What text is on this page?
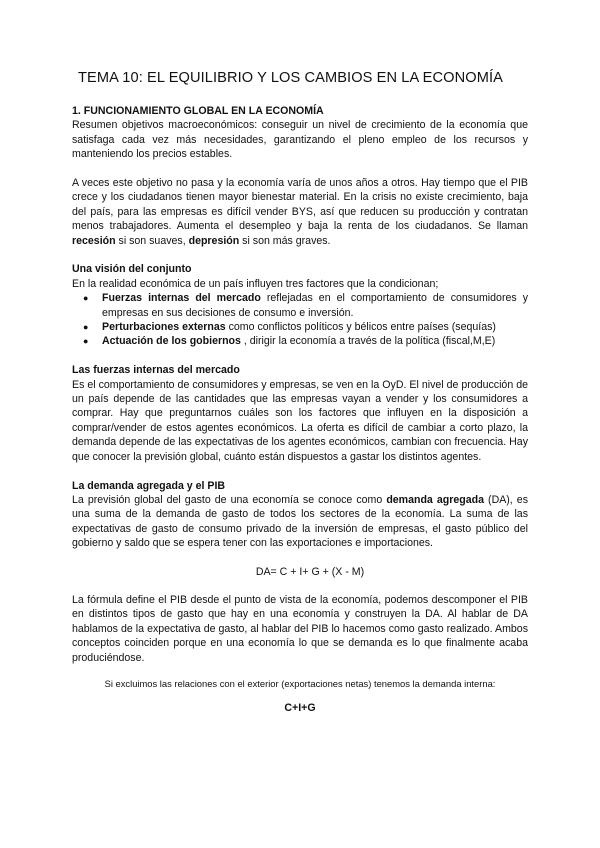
TEMA 10: EL EQUILIBRIO Y LOS CAMBIOS EN LA ECONOMÍA

1. FUNCIONAMIENTO GLOBAL EN LA ECONOMÍA

Resumen objetivos macroeconómicos: conseguir un nivel de crecimiento de la economía que satisfaga cada vez más necesidades, garantizando el pleno empleo de los recursos y manteniendo los precios estables.

A veces este objetivo no pasa y la economía varía de unos años a otros. Hay tiempo que el PIB crece y los ciudadanos tienen mayor bienestar material. En la crisis no existe crecimiento, baja del país, para las empresas es difícil vender BYS, así que reducen su producción y contratan menos trabajadores. Aumenta el desempleo y baja la renta de los ciudadanos. Se llaman recesión si son suaves, depresión si son más graves.

Una visión del conjunto

En la realidad económica de un país influyen tres factores que la condicionan;

● Fuerzas internas del mercado reflejadas en el comportamiento de consumidores y empresas en sus decisiones de consumo e inversión.
● Perturbaciones externas como conflictos políticos y bélicos entre países (sequías)
● Actuación de los gobiernos , dirigir la economía a través de la política (fiscal,M,E)

Las fuerzas internas del mercado

Es el comportamiento de consumidores y empresas, se ven en la OyD. El nivel de producción de un país depende de las cantidades que las empresas vayan a vender y los consumidores a comprar. Hay que preguntarnos cuáles son los factores que influyen en la disposición a comprar/vender de estos agentes económicos. La oferta es difícil de cambiar a corto plazo, la demanda depende de las expectativas de los agentes económicos, cambian con frecuencia. Hay que conocer la previsión global, cuánto están dispuestos a gastar los distintos agentes.

La demanda agregada y el PIB

La previsión global del gasto de una economía se conoce como demanda agregada (DA), es una suma de la demanda de gasto de todos los sectores de la economía. La suma de las expectativas de gasto de consumo privado de la inversión de empresas, el gasto público del gobierno y saldo que se espera tener con las exportaciones e importaciones.

DA= C + I+ G + (X - M)

La fórmula define el PIB desde el punto de vista de la economía, podemos descomponer el PIB en distintos tipos de gasto que hay en una economía y construyen la DA. Al hablar de DA hablamos de la expectativa de gasto, al hablar del PIB lo hacemos como gasto realizado. Ambos conceptos coinciden porque en una economía lo que se demanda es lo que finalmente acaba produciéndose.

Si excluimos las relaciones con el exterior (exportaciones netas) tenemos la demanda interna:

C+I+G
